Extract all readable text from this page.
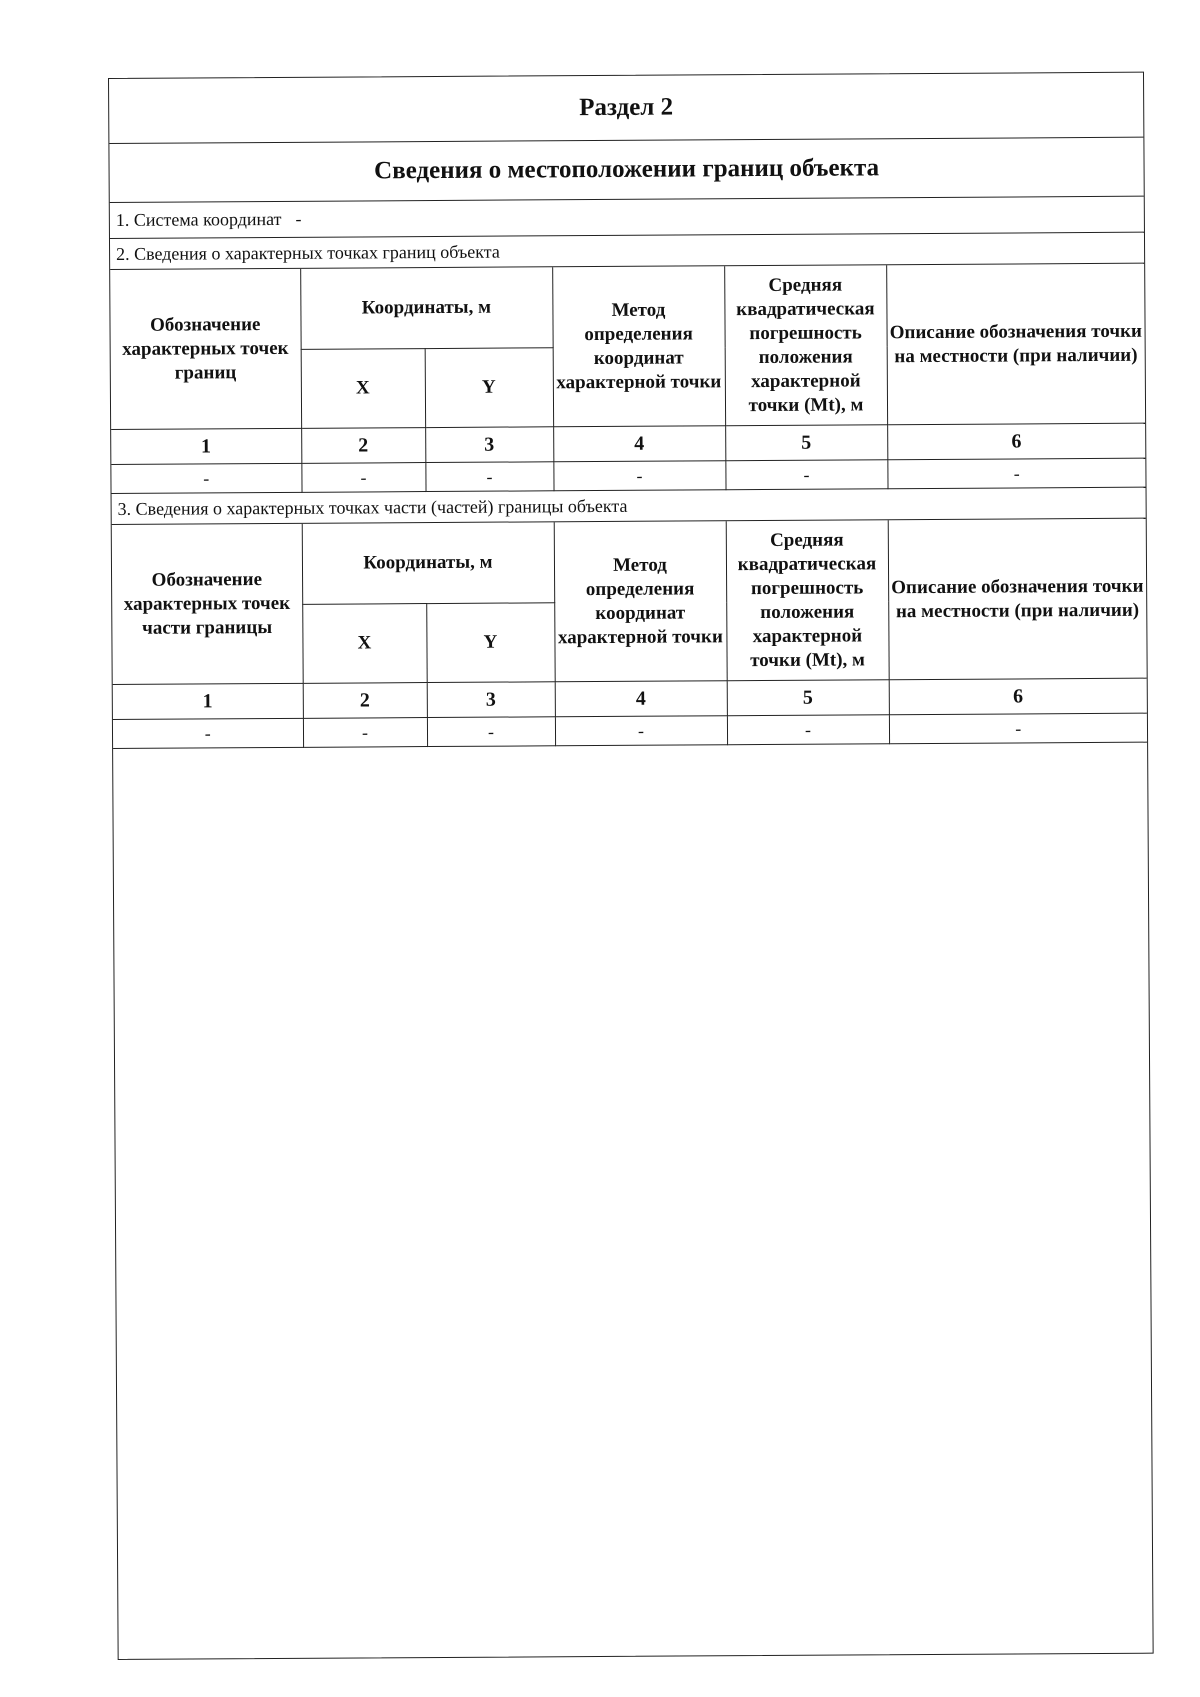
Раздел 2
Сведения о местоположении границ объекта
1. Система координат -
2. Сведения о характерных точках границ объекта
Обозначение характерных точек границ	Координаты, м		Метод определения координат характерной точки	Средняя квадратическая погрешность положения характерной точки (Mt), м	Описание обозначения точки на местности (при наличии)
	X	Y			
1	2	3	4	5	6
-	-	-	-	-	-
3. Сведения о характерных точках части (частей) границы объекта
Обозначение характерных точек части границы	Координаты, м		Метод определения координат характерной точки	Средняя квадратическая погрешность положения характерной точки (Mt), м	Описание обозначения точки на местности (при наличии)
	X	Y			
1	2	3	4	5	6
-	-	-	-	-	-
